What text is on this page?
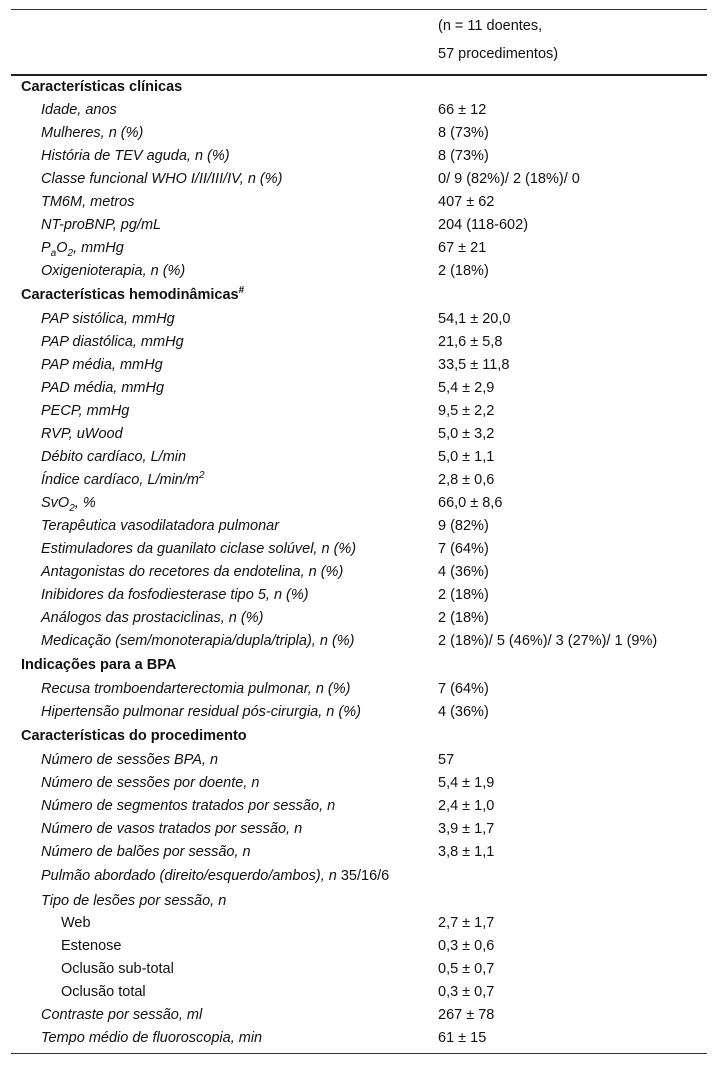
(n = 11 doentes,
57 procedimentos)
Características clínicas
Idade, anos	66 ± 12
Mulheres, n (%)	8 (73%)
História de TEV aguda, n (%)	8 (73%)
Classe funcional WHO I/II/III/IV, n (%)	0/ 9 (82%)/ 2 (18%)/ 0
TM6M, metros	407 ± 62
NT-proBNP, pg/mL	204 (118-602)
$P_aO_2$, mmHg	67 ± 21
Oxigenioterapia, n (%)	2 (18%)
Características hemodinâmicas#
PAP sistólica, mmHg	54,1 ± 20,0
PAP diastólica, mmHg	21,6 ± 5,8
PAP média, mmHg	33,5 ± 11,8
PAD média, mmHg	5,4 ± 2,9
PECP, mmHg	9,5 ± 2,2
RVP, uWood	5,0 ± 3,2
Débito cardíaco, L/min	5,0 ± 1,1
Índice cardíaco, $L/\min/m^2$	2,8 ± 0,6
SvO$_2$, %	66,0 ± 8,6
Terapêutica vasodilatadora pulmonar	9 (82%)
Estimuladores da guanilato ciclase solúvel, n (%)	7 (64%)
Antagonistas do recetores da endotelina, n (%)	4 (36%)
Inibidores da fosfodiesterase tipo 5, n (%)	2 (18%)
Análogos das prostaciclinas, n (%)	2 (18%)
Medicação (sem/monoterapia/dupla/tripla), n (%)	2 (18%)/ 5 (46%)/ 3 (27%)/ 1 (9%)
Indicações para a BPA
Recusa tromboendarterectomia pulmonar, n (%)	7 (64%)
Hipertensão pulmonar residual pós-cirurgia, n (%)	4 (36%)
Características do procedimento
Número de sessões BPA, n	57
Número de sessões por doente, n	5,4 ± 1,9
Número de segmentos tratados por sessão, n	2,4 ± 1,0
Número de vasos tratados por sessão, n	3,9 ± 1,7
Número de balões por sessão, n	3,8 ± 1,1
Pulmão abordado (direito/esquerdo/ambos), n 35/16/6
Tipo de lesões por sessão, n
Web	2,7 ± 1,7
Estenose	0,3 ± 0,6
Oclusão sub-total	0,5 ± 0,7
Oclusão total	0,3 ± 0,7
Contraste por sessão, ml	267 ± 78
Tempo médio de fluoroscopia, min	61 ± 15
